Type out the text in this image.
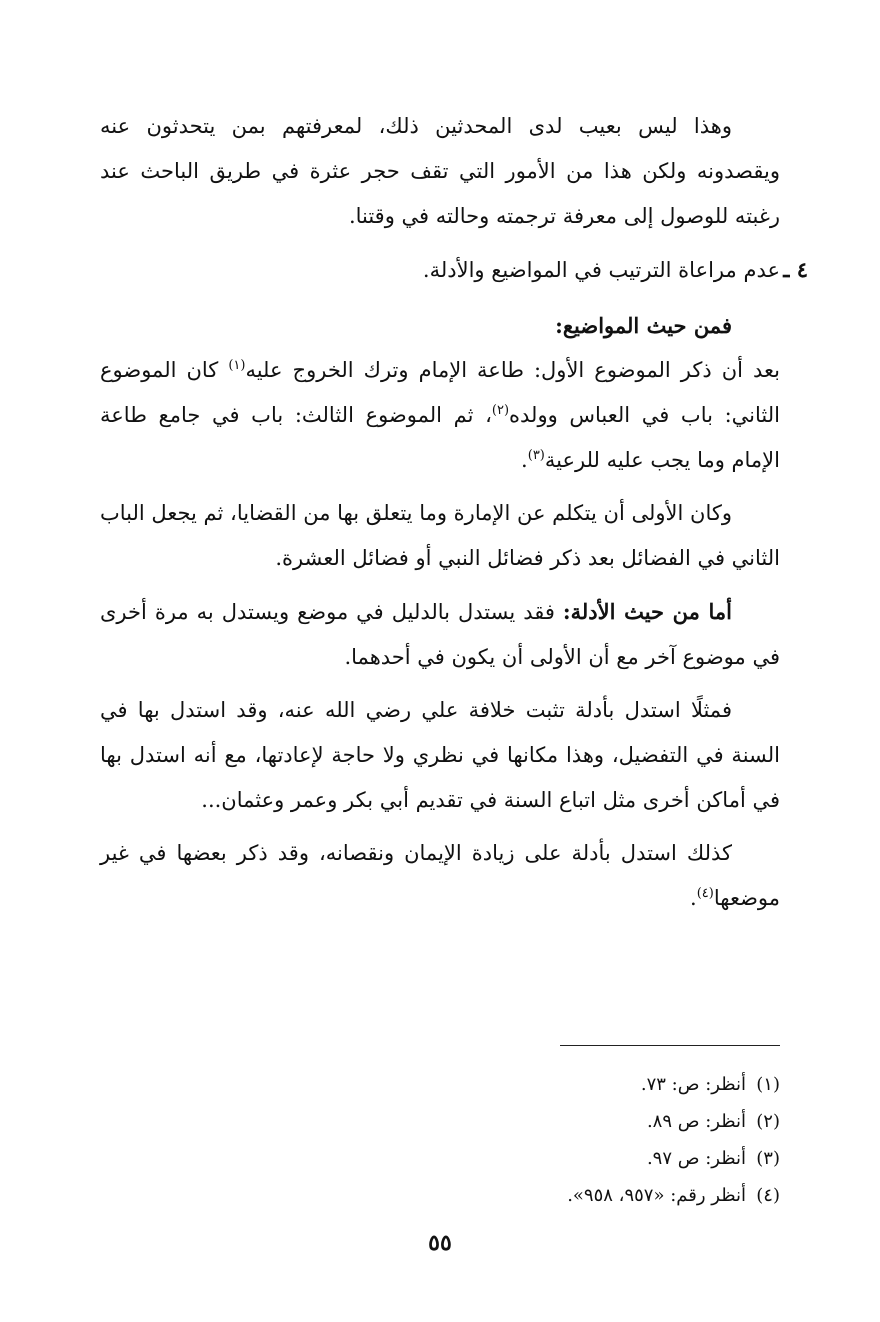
وهذا ليس بعيب لدى المحدثين ذلك، لمعرفتهم بمن يتحدثون عنه ويقصدونه ولكن هذا من الأمور التي تقف حجر عثرة في طريق الباحث عند رغبته للوصول إلى معرفة ترجمته وحالته في وقتنا.

٤ ـ
عدم مراعاة الترتيب في المواضيع والأدلة.

فمن حيث المواضيع:

بعد أن ذكر الموضوع الأول: طاعة الإمام وترك الخروج عليه$^{(١)}$ كان الموضوع الثاني: باب في العباس وولده$^{(٢)}$، ثم الموضوع الثالث: باب في جامع طاعة الإمام وما يجب عليه للرعية$^{(٣)}$.

وكان الأولى أن يتكلم عن الإمارة وما يتعلق بها من القضايا، ثم يجعل الباب الثاني في الفضائل بعد ذكر فضائل النبي أو فضائل العشرة.

أما من حيث الأدلة: فقد يستدل بالدليل في موضع ويستدل به مرة أخرى في موضوع آخر مع أن الأولى أن يكون في أحدهما.

فمثلًا استدل بأدلة تثبت خلافة علي رضي الله عنه، وقد استدل بها في السنة في التفضيل، وهذا مكانها في نظري ولا حاجة لإعادتها، مع أنه استدل بها في أماكن أخرى مثل اتباع السنة في تقديم أبي بكر وعمر وعثمان...

كذلك استدل بأدلة على زيادة الإيمان ونقصانه، وقد ذكر بعضها في غير موضعها$^{(٤)}$.

(١)
أنظر: ص: ٧٣.
(٢)
أنظر: ص ٨٩.
(٣)
أنظر: ص ٩٧.
(٤)
أنظر رقم: «٩٥٧، ٩٥٨».
٥٥
